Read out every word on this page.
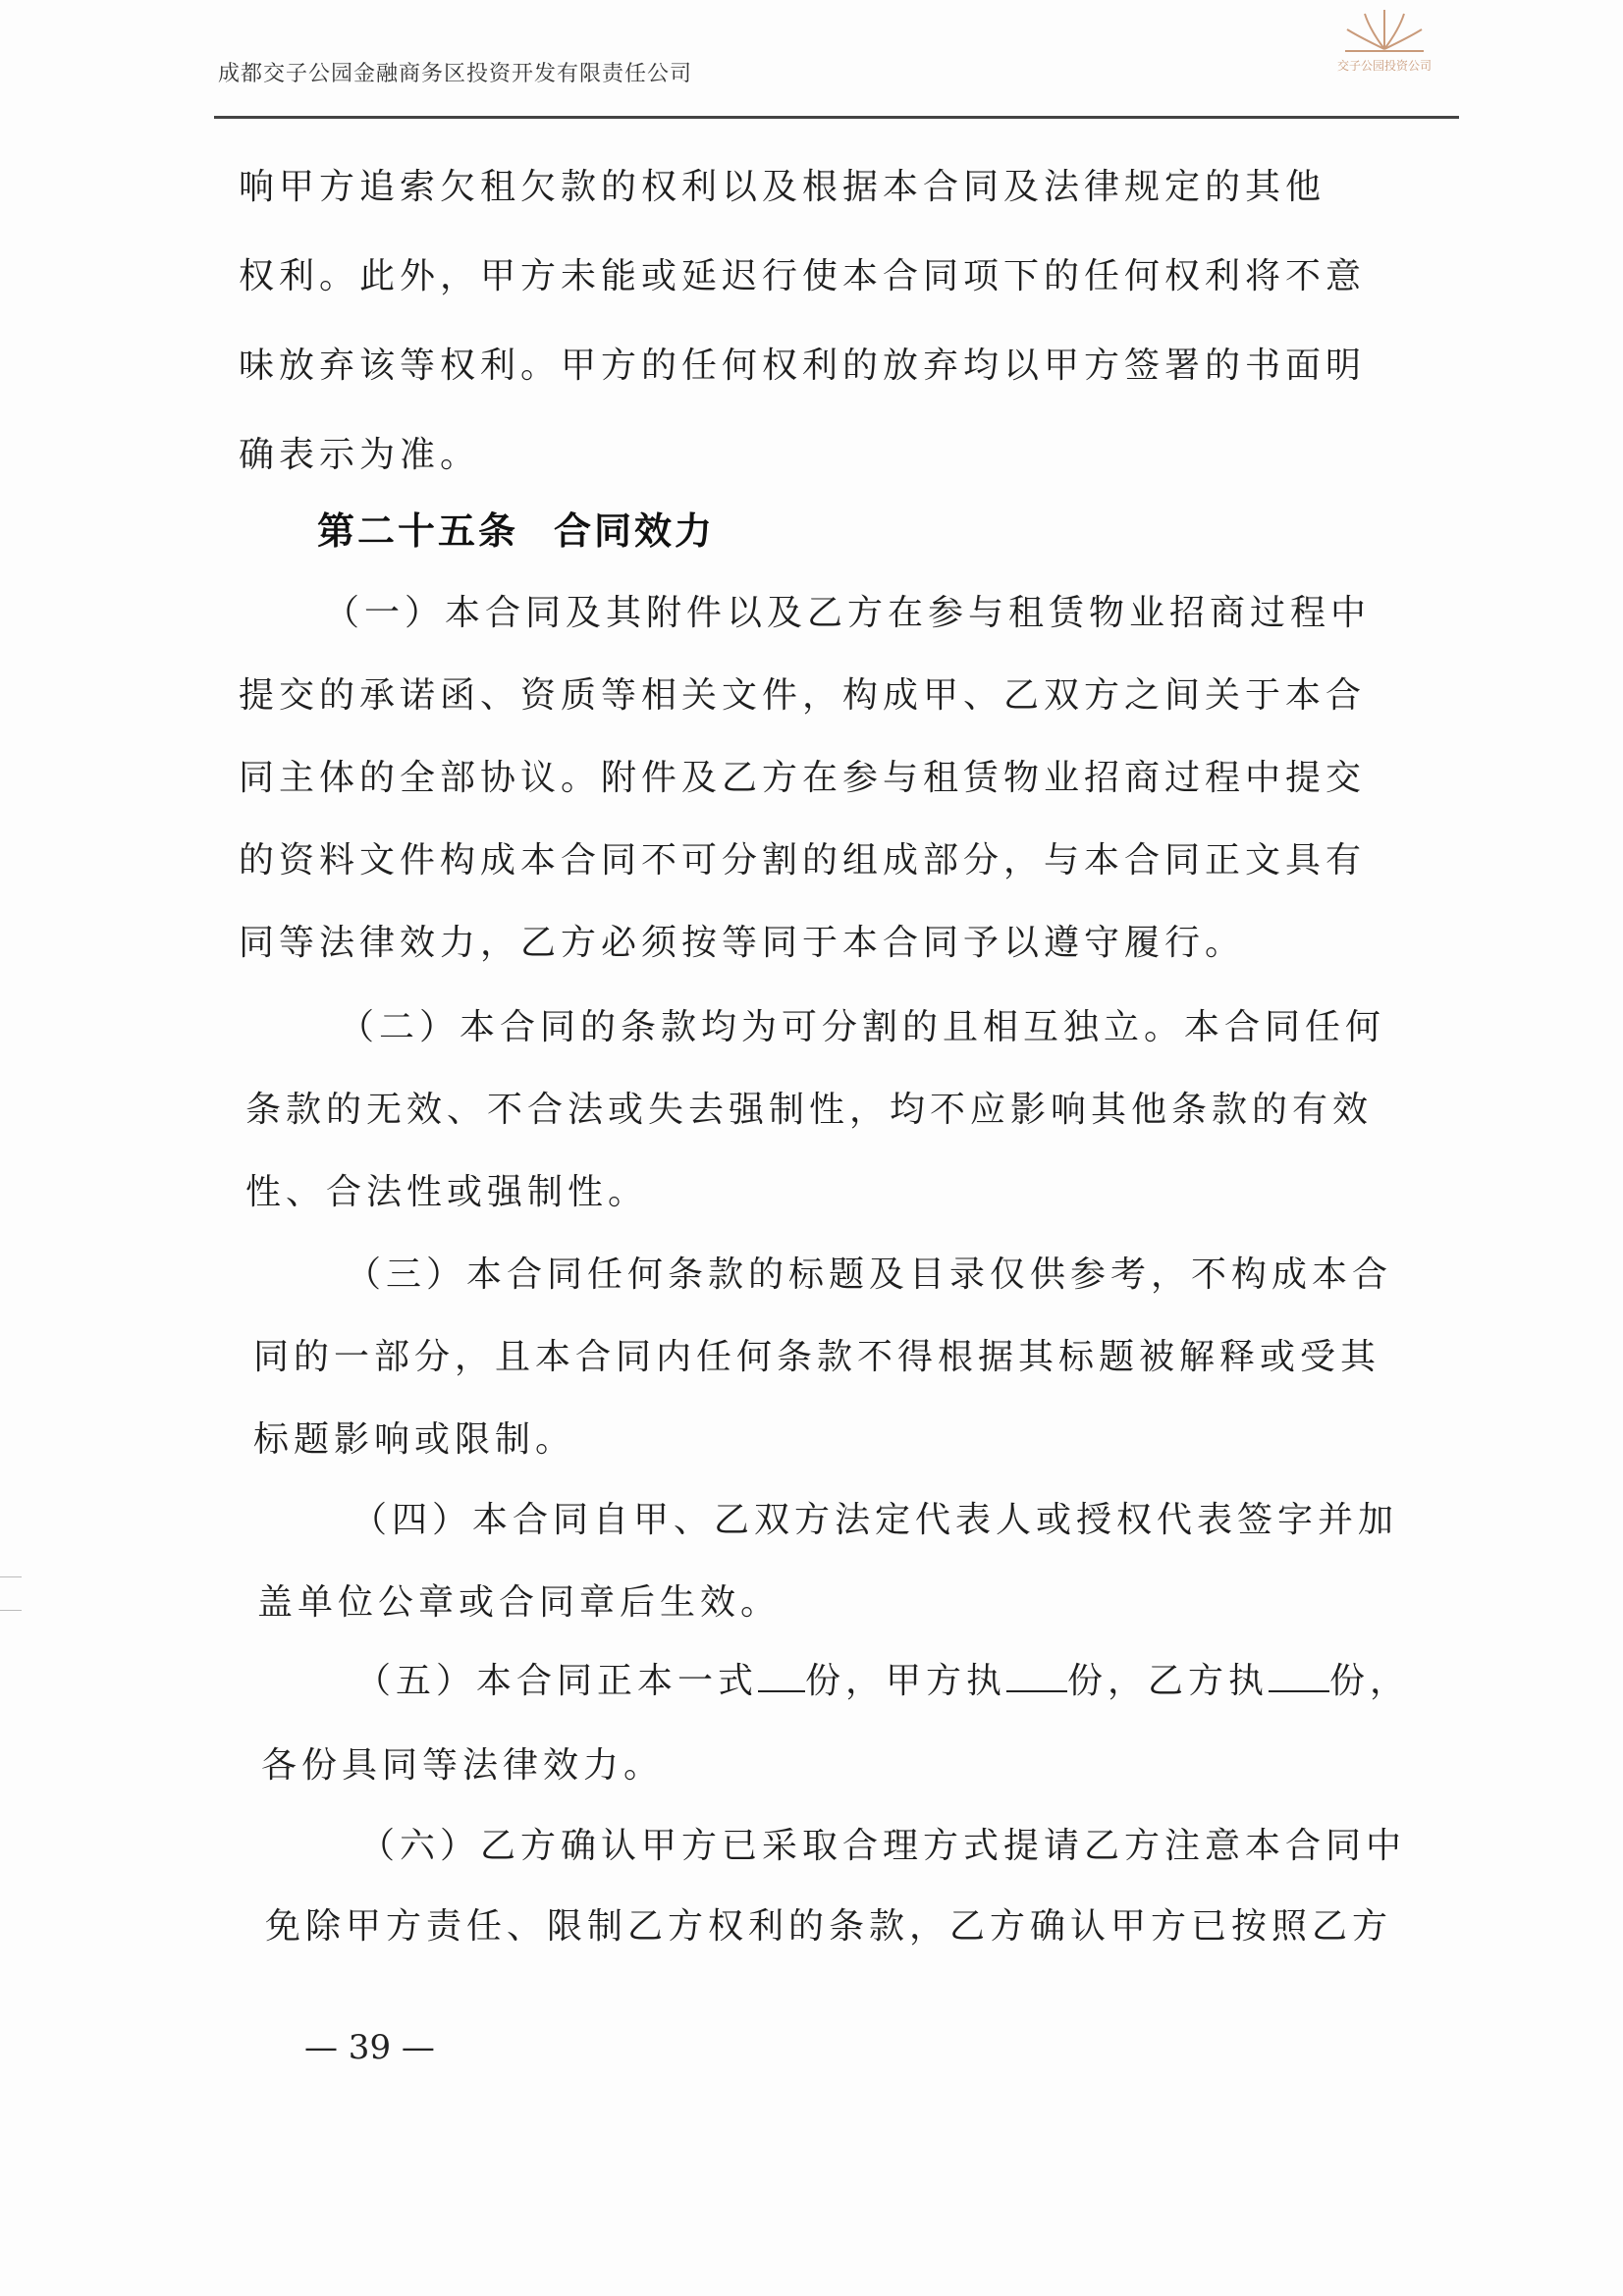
成都交子公园金融商务区投资开发有限责任公司	交子公园投资公司
响甲方追索欠租欠款的权利以及根据本合同及法律规定的其他
权利。此外，甲方未能或延迟行使本合同项下的任何权利将不意
味放弃该等权利。甲方的任何权利的放弃均以甲方签署的书面明
确表示为准。
第二十五条 合同效力
（一）本合同及其附件以及乙方在参与租赁物业招商过程中
提交的承诺函、资质等相关文件，构成甲、乙双方之间关于本合
同主体的全部协议。附件及乙方在参与租赁物业招商过程中提交
的资料文件构成本合同不可分割的组成部分，与本合同正文具有
同等法律效力，乙方必须按等同于本合同予以遵守履行。
（二）本合同的条款均为可分割的且相互独立。本合同任何
条款的无效、不合法或失去强制性，均不应影响其他条款的有效
性、合法性或强制性。
（三）本合同任何条款的标题及目录仅供参考，不构成本合
同的一部分，且本合同内任何条款不得根据其标题被解释或受其
标题影响或限制。
（四）本合同自甲、乙双方法定代表人或授权代表签字并加
盖单位公章或合同章后生效。
（五）本合同正本一式 份，甲方执 份，乙方执 份，
各份具同等法律效力。
（六）乙方确认甲方已采取合理方式提请乙方注意本合同中
免除甲方责任、限制乙方权利的条款，乙方确认甲方已按照乙方
— 39 —
